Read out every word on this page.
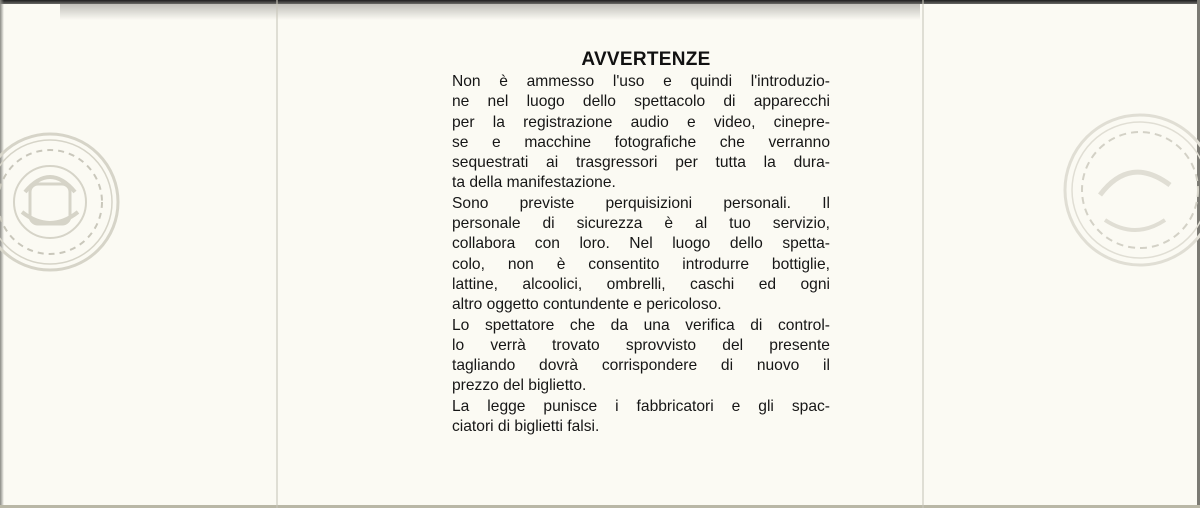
AVVERTENZE

Non è ammesso l'uso e quindi l'introduzio-
ne nel luogo dello spettacolo di apparecchi
per la registrazione audio e video, cinepre-
se e macchine fotografiche che verranno
sequestrati ai trasgressori per tutta la dura-
ta della manifestazione.

Sono previste perquisizioni personali. Il
personale di sicurezza è al tuo servizio,
collabora con loro. Nel luogo dello spetta-
colo, non è consentito introdurre bottiglie,
lattine, alcoolici, ombrelli, caschi ed ogni
altro oggetto contundente e pericoloso.

Lo spettatore che da una verifica di control-
lo verrà trovato sprovvisto del presente
tagliando dovrà corrispondere di nuovo il
prezzo del biglietto.

La legge punisce i fabbricatori e gli spac-
ciatori di biglietti falsi.
